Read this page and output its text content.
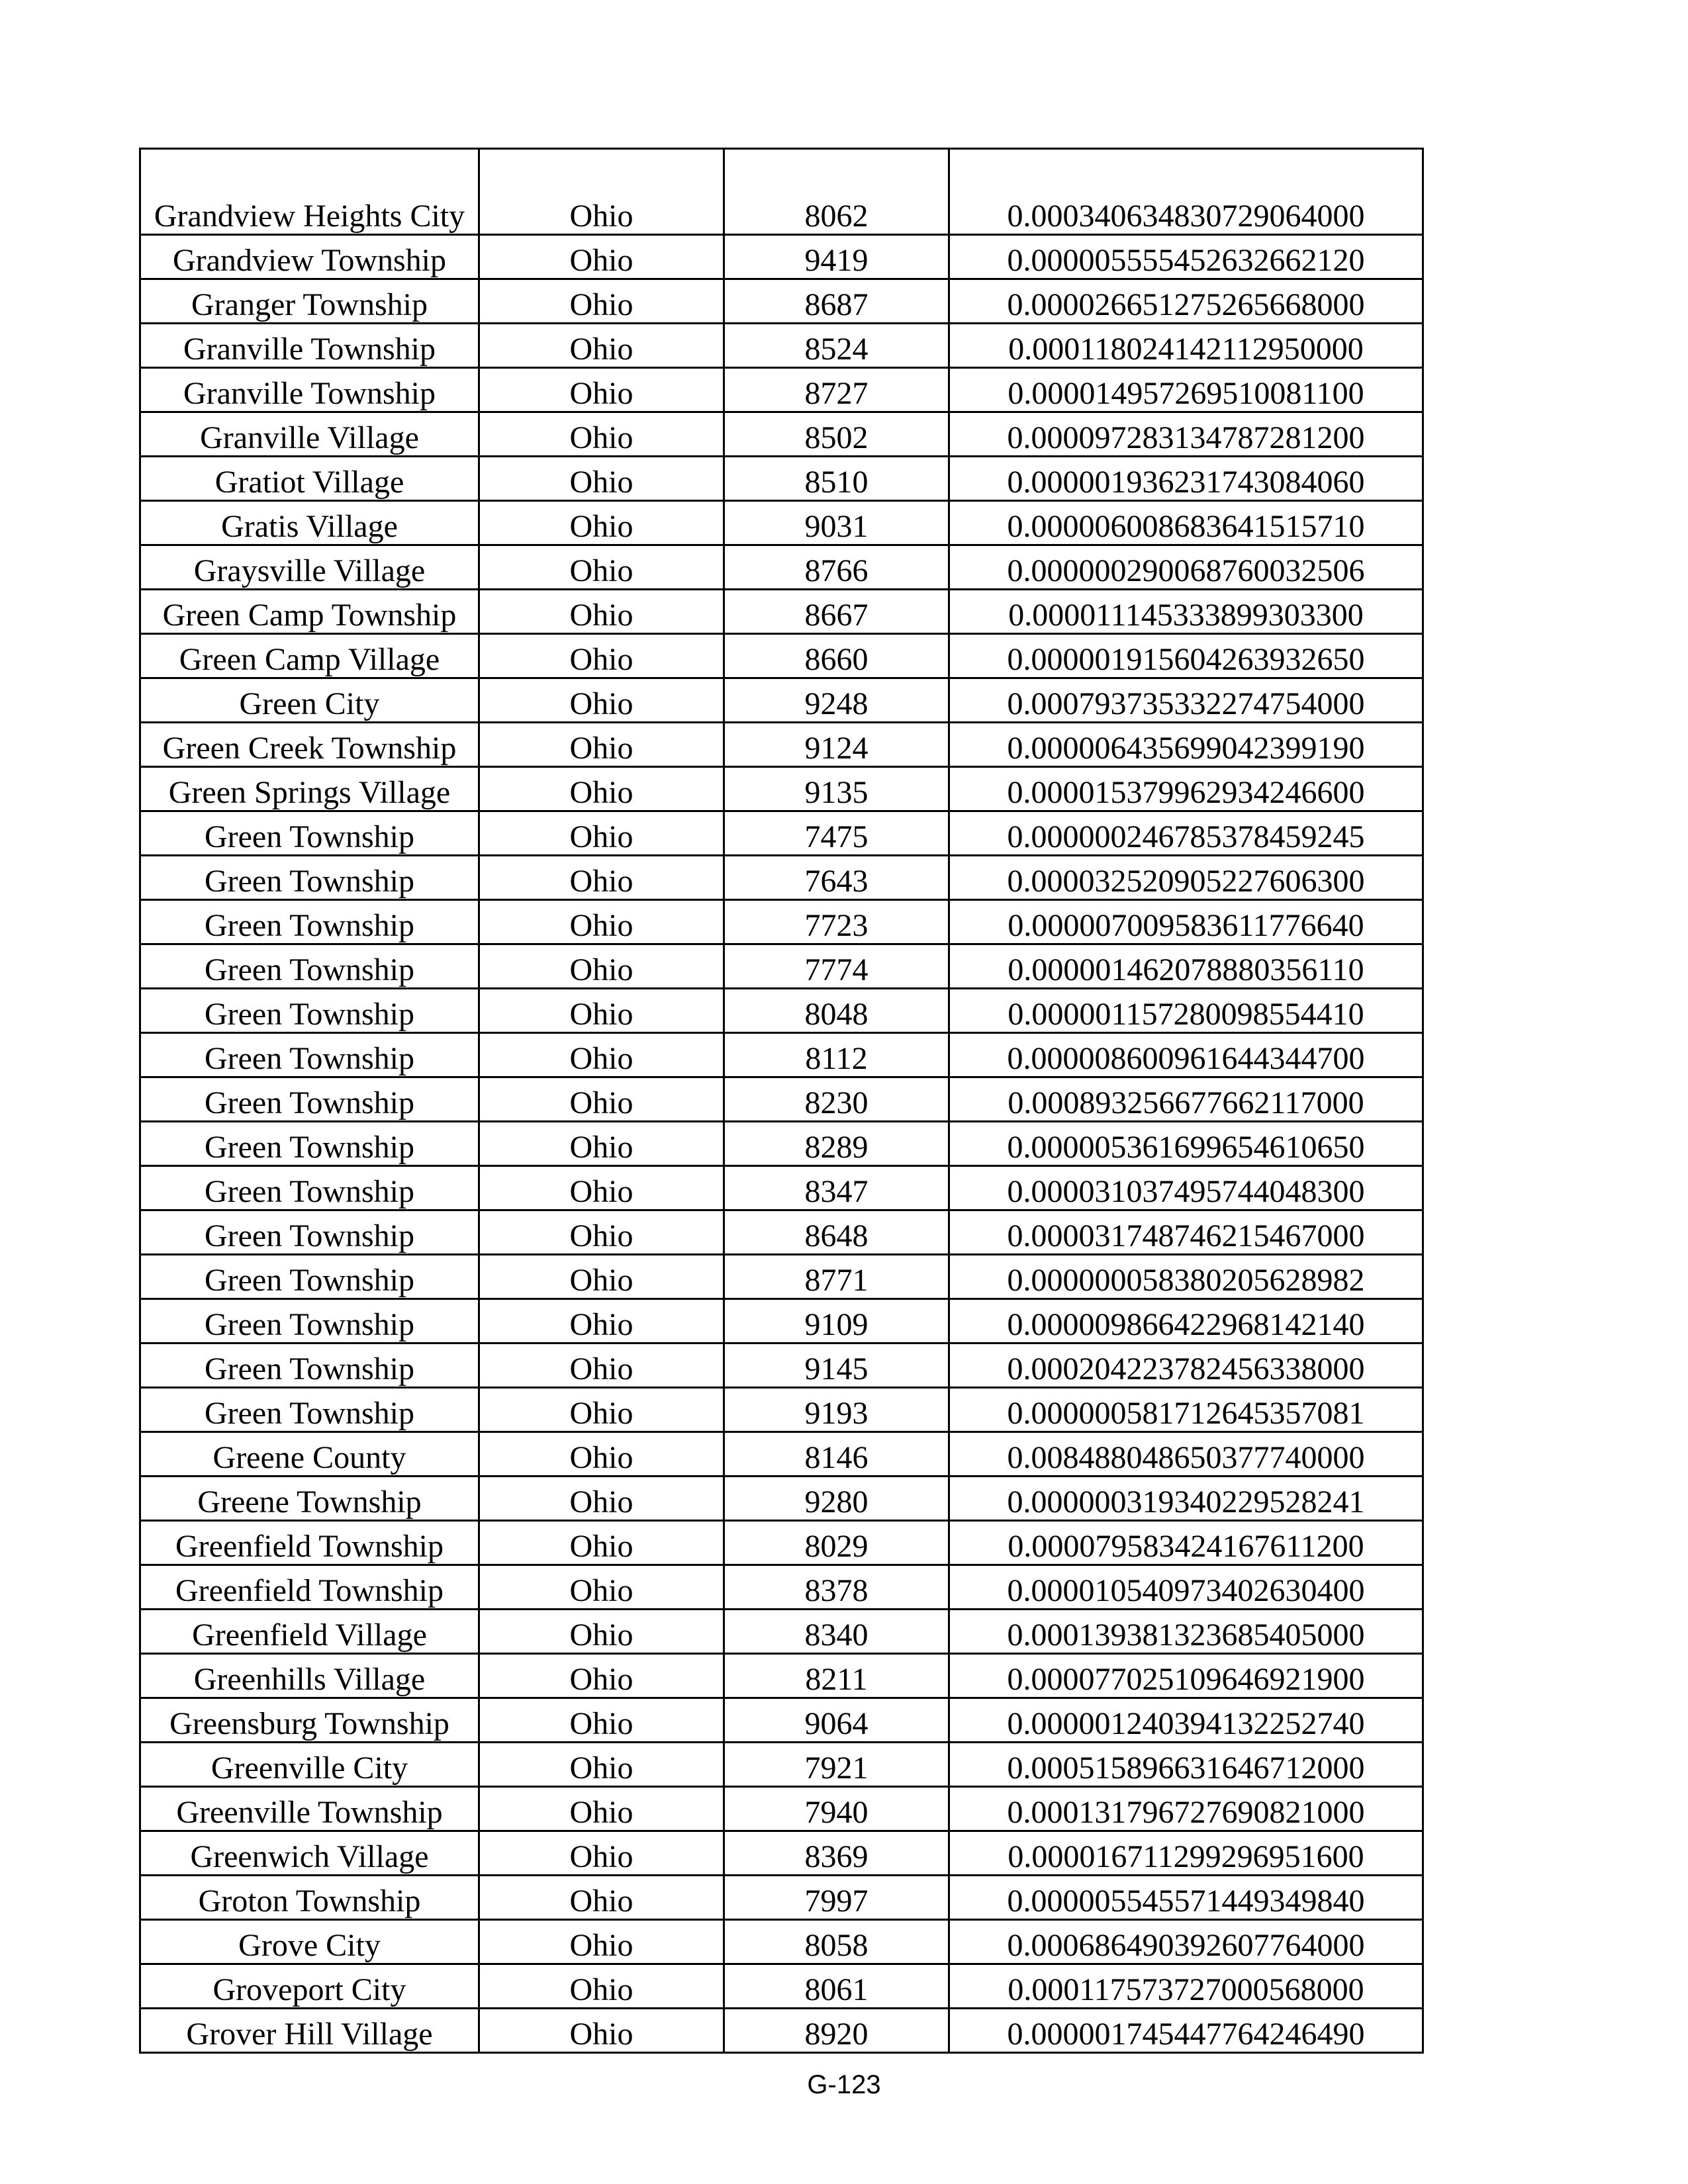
Grandview Heights City	Ohio	8062	0.000340634830729064000
Grandview Township	Ohio	9419	0.000005555452632662120
Granger Township	Ohio	8687	0.000026651275265668000
Granville Township	Ohio	8524	0.000118024142112950000
Granville Township	Ohio	8727	0.000014957269510081100
Granville Village	Ohio	8502	0.000097283134787281200
Gratiot Village	Ohio	8510	0.000001936231743084060
Gratis Village	Ohio	9031	0.000006008683641515710
Graysville Village	Ohio	8766	0.000000290068760032506
Green Camp Township	Ohio	8667	0.000011145333899303300
Green Camp Village	Ohio	8660	0.000001915604263932650
Green City	Ohio	9248	0.000793735332274754000
Green Creek Township	Ohio	9124	0.000006435699042399190
Green Springs Village	Ohio	9135	0.000015379962934246600
Green Township	Ohio	7475	0.000000246785378459245
Green Township	Ohio	7643	0.000032520905227606300
Green Township	Ohio	7723	0.000007009583611776640
Green Township	Ohio	7774	0.000001462078880356110
Green Township	Ohio	8048	0.000001157280098554410
Green Township	Ohio	8112	0.000008600961644344700
Green Township	Ohio	8230	0.000893256677662117000
Green Township	Ohio	8289	0.000005361699654610650
Green Township	Ohio	8347	0.000031037495744048300
Green Township	Ohio	8648	0.000031748746215467000
Green Township	Ohio	8771	0.000000058380205628982
Green Township	Ohio	9109	0.000009866422968142140
Green Township	Ohio	9145	0.000204223782456338000
Green Township	Ohio	9193	0.000000581712645357081
Greene County	Ohio	8146	0.008488048650377740000
Greene Township	Ohio	9280	0.000000319340229528241
Greenfield Township	Ohio	8029	0.000079583424167611200
Greenfield Township	Ohio	8378	0.000010540973402630400
Greenfield Village	Ohio	8340	0.000139381323685405000
Greenhills Village	Ohio	8211	0.000077025109646921900
Greensburg Township	Ohio	9064	0.000001240394132252740
Greenville City	Ohio	7921	0.000515896631646712000
Greenville Township	Ohio	7940	0.000131796727690821000
Greenwich Village	Ohio	8369	0.000016711299296951600
Groton Township	Ohio	7997	0.000005545571449349840
Grove City	Ohio	8058	0.000686490392607764000
Groveport City	Ohio	8061	0.000117573727000568000
Grover Hill Village	Ohio	8920	0.000001745447764246490
G-123
